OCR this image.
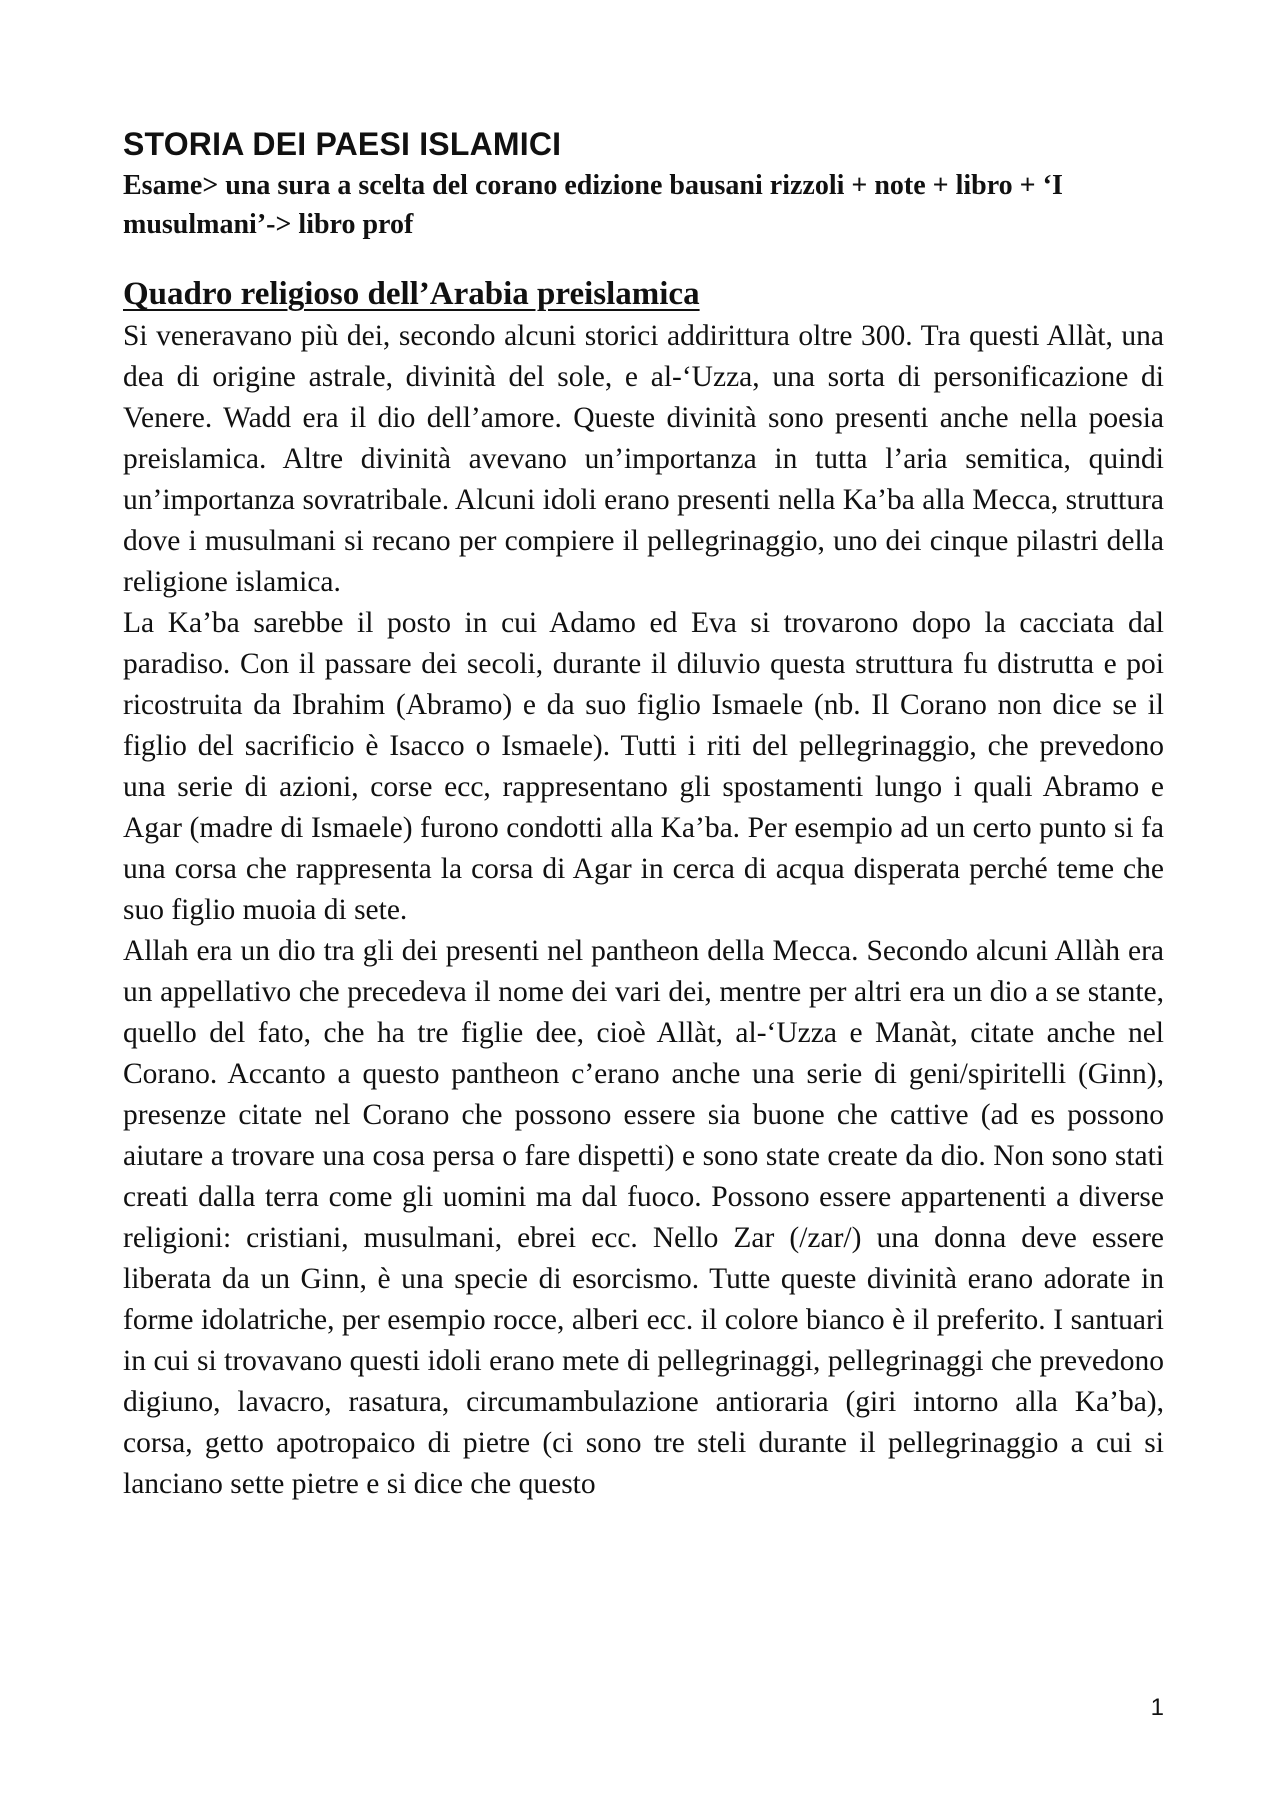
STORIA DEI PAESI ISLAMICI

Esame> una sura a scelta del corano edizione bausani rizzoli + note + libro + ‘I musulmani’-> libro prof

Quadro religioso dell’Arabia preislamica

Si veneravano più dei, secondo alcuni storici addirittura oltre 300. Tra questi Allàt, una dea di origine astrale, divinità del sole, e al-‘Uzza, una sorta di personificazione di Venere. Wadd era il dio dell’amore. Queste divinità sono presenti anche nella poesia preislamica. Altre divinità avevano un’importanza in tutta l’aria semitica, quindi un’importanza sovratribale. Alcuni idoli erano presenti nella Ka’ba alla Mecca, struttura dove i musulmani si recano per compiere il pellegrinaggio, uno dei cinque pilastri della religione islamica.

La Ka’ba sarebbe il posto in cui Adamo ed Eva si trovarono dopo la cacciata dal paradiso. Con il passare dei secoli, durante il diluvio questa struttura fu distrutta e poi ricostruita da Ibrahim (Abramo) e da suo figlio Ismaele (nb. Il Corano non dice se il figlio del sacrificio è Isacco o Ismaele). Tutti i riti del pellegrinaggio, che prevedono una serie di azioni, corse ecc, rappresentano gli spostamenti lungo i quali Abramo e Agar (madre di Ismaele) furono condotti alla Ka’ba. Per esempio ad un certo punto si fa una corsa che rappresenta la corsa di Agar in cerca di acqua disperata perché teme che suo figlio muoia di sete.

Allah era un dio tra gli dei presenti nel pantheon della Mecca. Secondo alcuni Allàh era un appellativo che precedeva il nome dei vari dei, mentre per altri era un dio a se stante, quello del fato, che ha tre figlie dee, cioè Allàt, al-‘Uzza e Manàt, citate anche nel Corano. Accanto a questo pantheon c’erano anche una serie di geni/spiritelli (Ginn), presenze citate nel Corano che possono essere sia buone che cattive (ad es possono aiutare a trovare una cosa persa o fare dispetti) e sono state create da dio. Non sono stati creati dalla terra come gli uomini ma dal fuoco. Possono essere appartenenti a diverse religioni: cristiani, musulmani, ebrei ecc. Nello Zar (/zar/) una donna deve essere liberata da un Ginn, è una specie di esorcismo. Tutte queste divinità erano adorate in forme idolatriche, per esempio rocce, alberi ecc. il colore bianco è il preferito. I santuari in cui si trovavano questi idoli erano mete di pellegrinaggi, pellegrinaggi che prevedono digiuno, lavacro, rasatura, circumambulazione antioraria (giri intorno alla Ka’ba), corsa, getto apotropaico di pietre (ci sono tre steli durante il pellegrinaggio a cui si lanciano sette pietre e si dice che questo

1
